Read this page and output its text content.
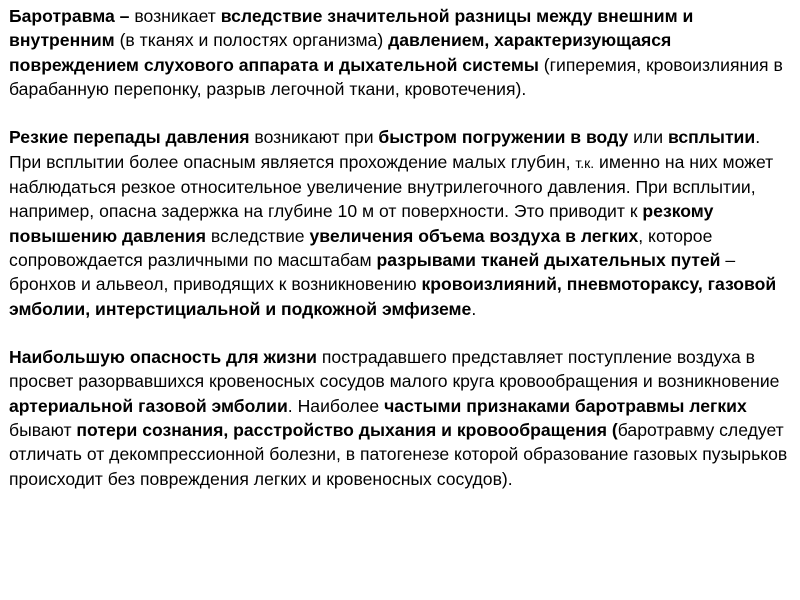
Баротравма – возникает вследствие значительной разницы между внешним и внутренним (в тканях и полостях организма) давлением, характеризующаяся повреждением слухового аппарата и дыхательной системы (гиперемия, кровоизлияния в барабанную перепонку, разрыв легочной ткани, кровотечения).

Резкие перепады давления возникают при быстром погружении в воду или всплытии. При всплытии более опасным является прохождение малых глубин, т.к. именно на них может наблюдаться резкое относительное увеличение внутрилегочного давления. При всплытии, например, опасна задержка на глубине 10 м от поверхности. Это приводит к резкому повышению давления вследствие увеличения объема воздуха в легких, которое сопровождается различными по масштабам разрывами тканей дыхательных путей – бронхов и альвеол, приводящих к возникновению кровоизлияний, пневмотораксу, газовой эмболии, интерстициальной и подкожной эмфиземе.

Наибольшую опасность для жизни пострадавшего представляет поступление воздуха в просвет разорвавшихся кровеносных сосудов малого круга кровообращения и возникновение артериальной газовой эмболии. Наиболее частыми признаками баротравмы легких бывают потери сознания, расстройство дыхания и кровообращения (баротравму следует отличать от декомпрессионной болезни, в патогенезе которой образование газовых пузырьков происходит без повреждения легких и кровеносных сосудов).
